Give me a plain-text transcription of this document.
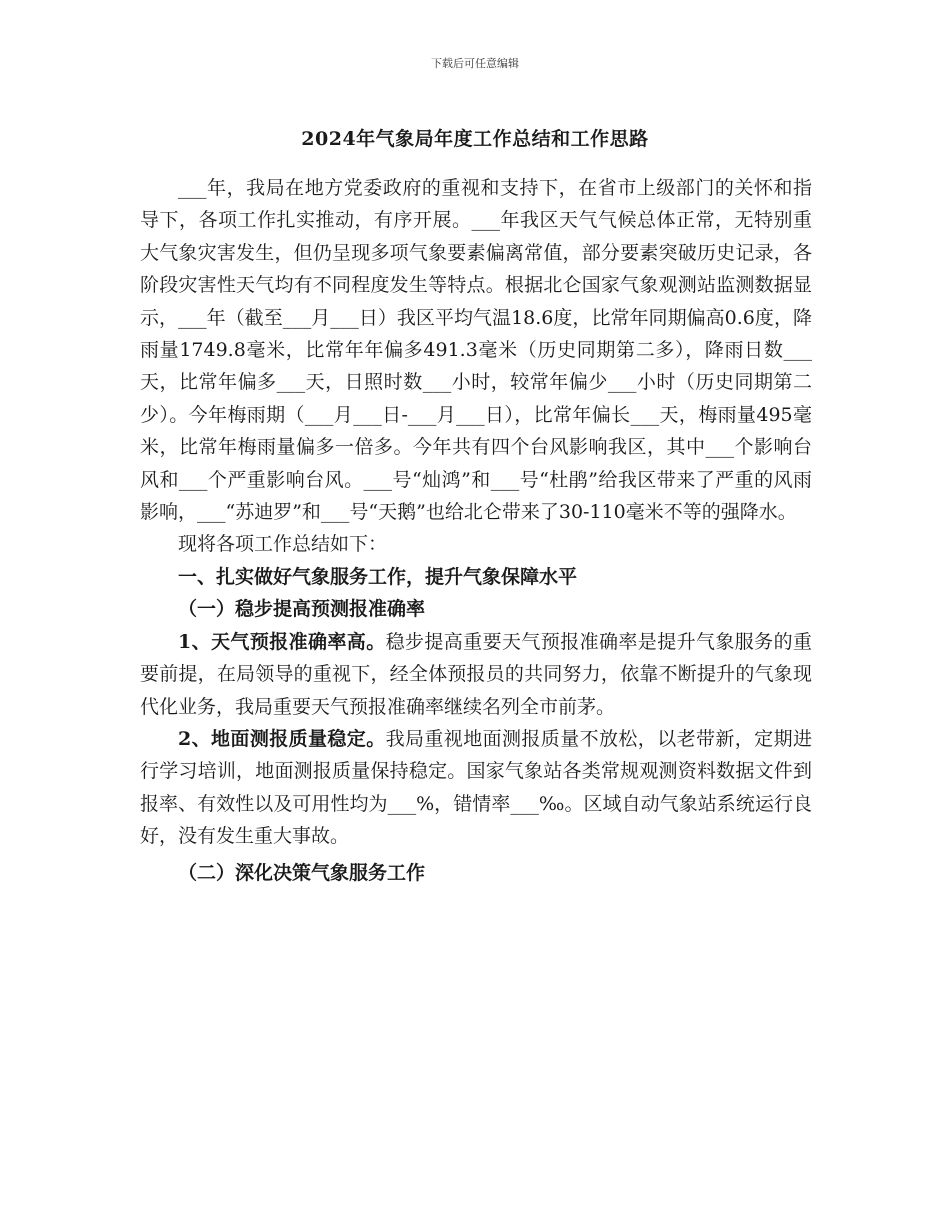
下载后可任意编辑
2024年气象局年度工作总结和工作思路

___年，我局在地方党委政府的重视和支持下，在省市上级部门的关怀和指导下，各项工作扎实推动，有序开展。___年我区天气气候总体正常，无特别重大气象灾害发生，但仍呈现多项气象要素偏离常值，部分要素突破历史记录，各阶段灾害性天气均有不同程度发生等特点。根据北仑国家气象观测站监测数据显示，___年（截至___月___日）我区平均气温18.6度，比常年同期偏高0.6度，降雨量1749.8毫米，比常年年偏多491.3毫米（历史同期第二多），降雨日数___天，比常年偏多___天，日照时数___小时，较常年偏少___小时（历史同期第二少）。今年梅雨期（___月___日-___月___日），比常年偏长___天，梅雨量495毫米，比常年梅雨量偏多一倍多。今年共有四个台风影响我区，其中___个影响台风和___个严重影响台风。___号“灿鸿”和___号“杜鹃”给我区带来了严重的风雨影响，___“苏迪罗”和___号“天鹅”也给北仑带来了30-110毫米不等的强降水。

现将各项工作总结如下：

一、扎实做好气象服务工作，提升气象保障水平

（一）稳步提高预测报准确率

1、天气预报准确率高。稳步提高重要天气预报准确率是提升气象服务的重要前提，在局领导的重视下，经全体预报员的共同努力，依靠不断提升的气象现代化业务，我局重要天气预报准确率继续名列全市前茅。

2、地面测报质量稳定。我局重视地面测报质量不放松，以老带新，定期进行学习培训，地面测报质量保持稳定。国家气象站各类常规观测资料数据文件到报率、有效性以及可用性均为___%，错情率___‰。区域自动气象站系统运行良好，没有发生重大事故。

（二）深化决策气象服务工作
